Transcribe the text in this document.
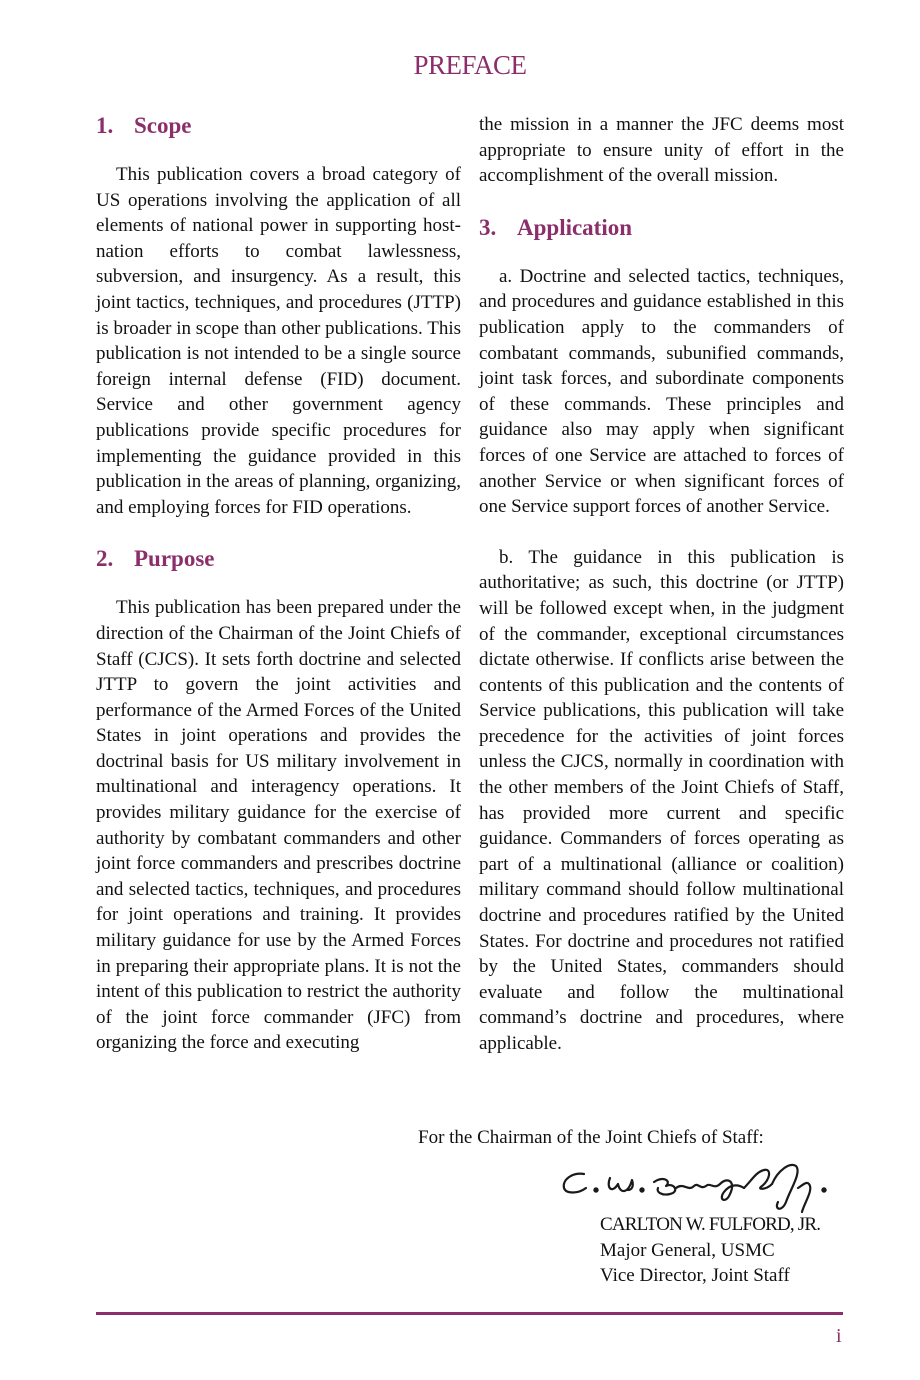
PREFACE
1. Scope

This publication covers a broad category of US operations involving the application of all elements of national power in supporting host-nation efforts to combat lawlessness, subversion, and insurgency. As a result, this joint tactics, techniques, and procedures (JTTP) is broader in scope than other publications. This publication is not intended to be a single source foreign internal defense (FID) document. Service and other government agency publications provide specific procedures for implementing the guidance provided in this publication in the areas of planning, organizing, and employing forces for FID operations.

2. Purpose

This publication has been prepared under the direction of the Chairman of the Joint Chiefs of Staff (CJCS). It sets forth doctrine and selected JTTP to govern the joint activities and performance of the Armed Forces of the United States in joint operations and provides the doctrinal basis for US military involvement in multinational and interagency operations. It provides military guidance for the exercise of authority by combatant commanders and other joint force commanders and prescribes doctrine and selected tactics, techniques, and procedures for joint operations and training. It provides military guidance for use by the Armed Forces in preparing their appropriate plans. It is not the intent of this publication to restrict the authority of the joint force commander (JFC) from organizing the force and executing

the mission in a manner the JFC deems most appropriate to ensure unity of effort in the accomplishment of the overall mission.

3. Application

a. Doctrine and selected tactics, techniques, and procedures and guidance established in this publication apply to the commanders of combatant commands, subunified commands, joint task forces, and subordinate components of these commands. These principles and guidance also may apply when significant forces of one Service are attached to forces of another Service or when significant forces of one Service support forces of another Service.

b. The guidance in this publication is authoritative; as such, this doctrine (or JTTP) will be followed except when, in the judgment of the commander, exceptional circumstances dictate otherwise. If conflicts arise between the contents of this publication and the contents of Service publications, this publication will take precedence for the activities of joint forces unless the CJCS, normally in coordination with the other members of the Joint Chiefs of Staff, has provided more current and specific guidance. Commanders of forces operating as part of a multinational (alliance or coalition) military command should follow multinational doctrine and procedures ratified by the United States. For doctrine and procedures not ratified by the United States, commanders should evaluate and follow the multinational command’s doctrine and procedures, where applicable.

For the Chairman of the Joint Chiefs of Staff:

CARLTON W. FULFORD, JR.
Major General, USMC
Vice Director, Joint Staff
i
